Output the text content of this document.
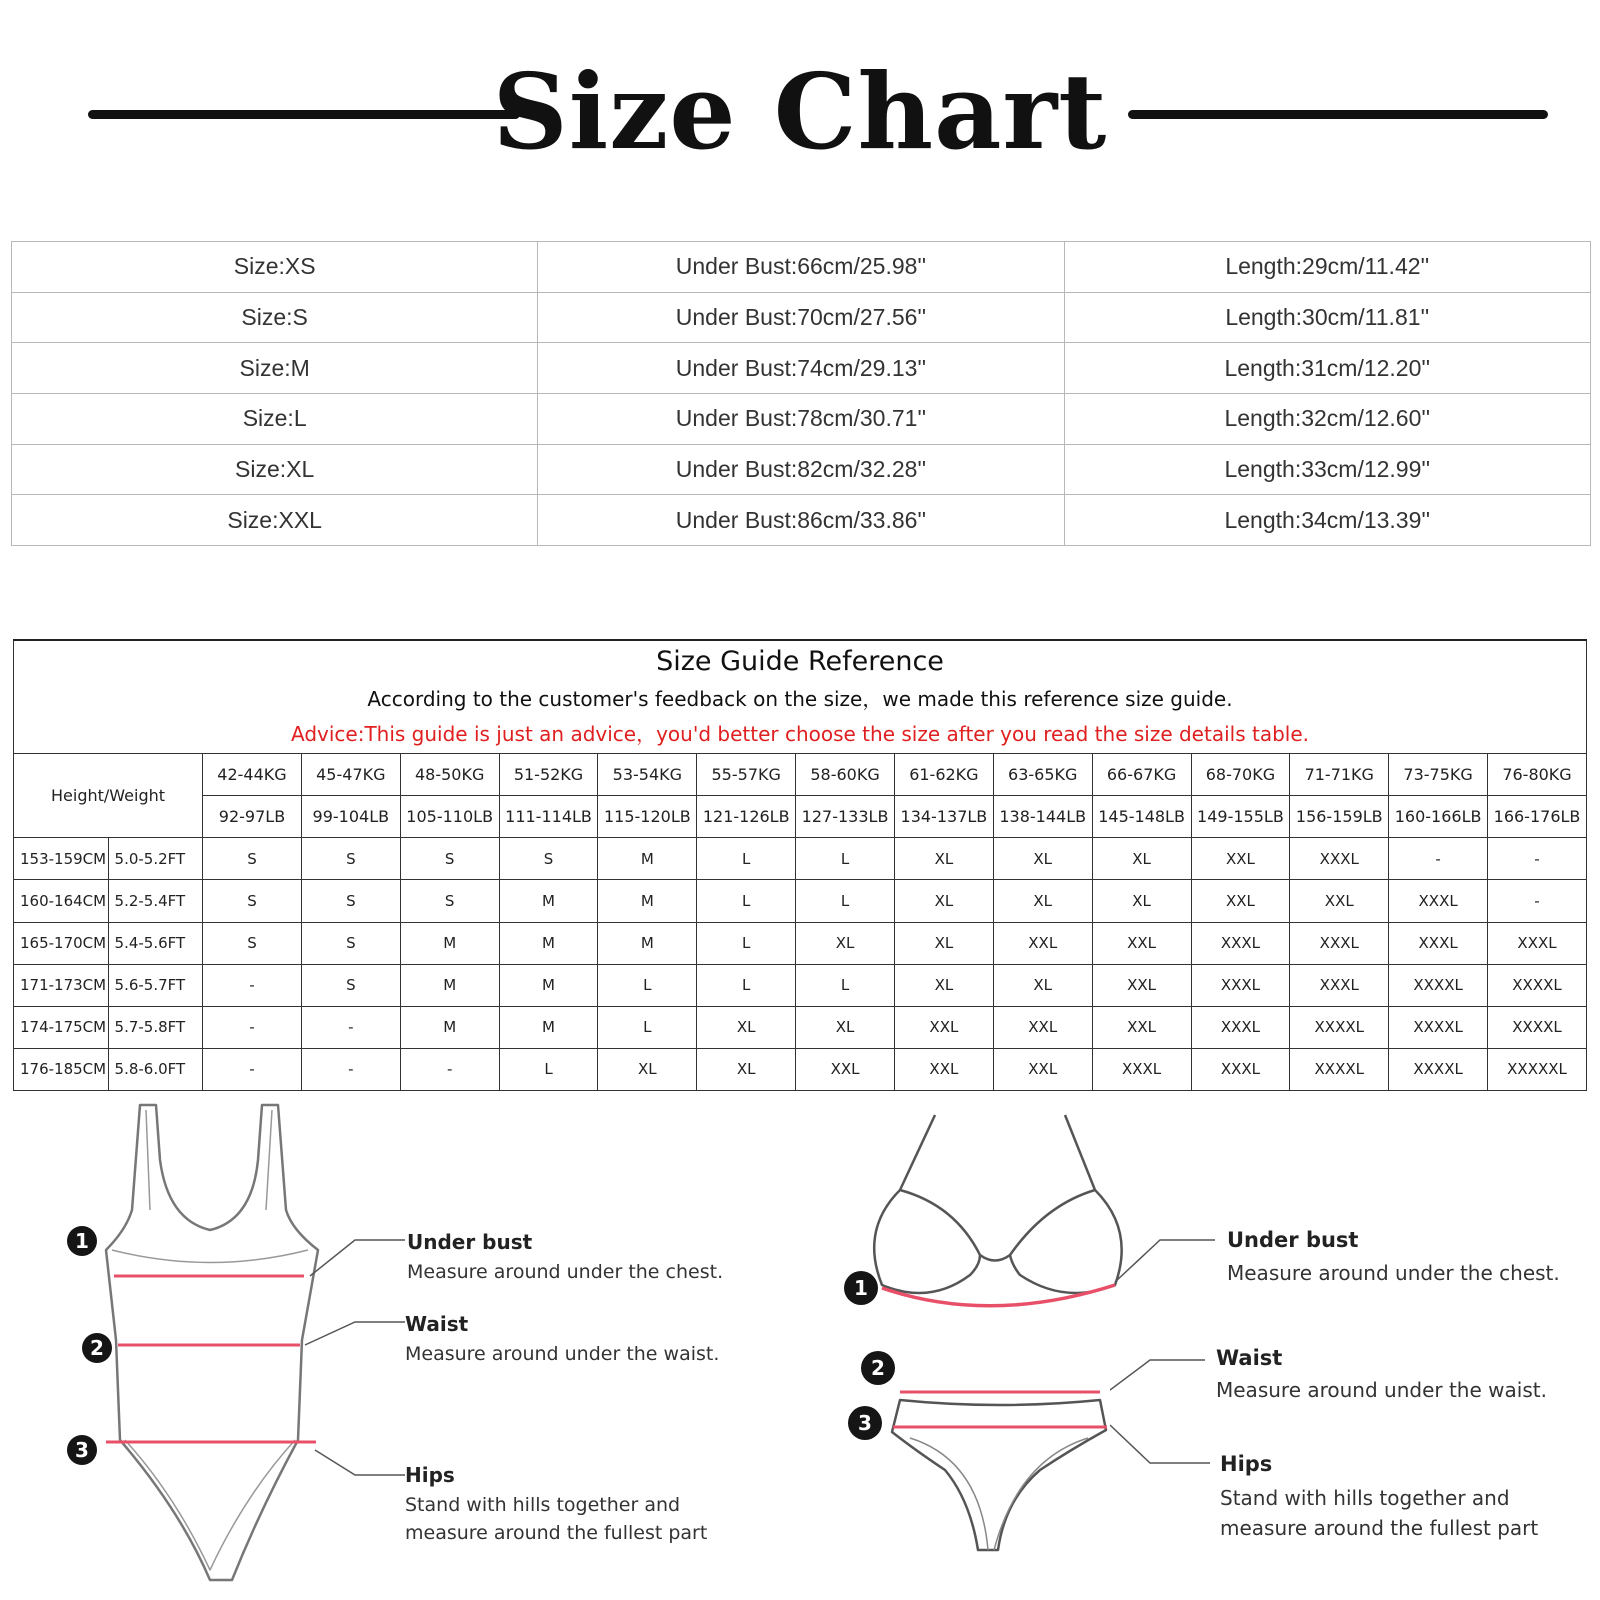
Size Chart
Size:XS	Under Bust:66cm/25.98''	Length:29cm/11.42''
Size:S	Under Bust:70cm/27.56''	Length:30cm/11.81''
Size:M	Under Bust:74cm/29.13''	Length:31cm/12.20''
Size:L	Under Bust:78cm/30.71''	Length:32cm/12.60''
Size:XL	Under Bust:82cm/32.28''	Length:33cm/12.99''
Size:XXL	Under Bust:86cm/33.86''	Length:34cm/13.39''
Size Guide Reference
According to the customer's feedback on the size，we made this reference size guide.
Advice:This guide is just an advice，you'd better choose the size after you read the size details table.															

Height/Weight		42-44KG	45-47KG	48-50KG	51-52KG	53-54KG	55-57KG	58-60KG	61-62KG	63-65KG	66-67KG	68-70KG	71-71KG	73-75KG	76-80KG
		92-97LB	99-104LB	105-110LB	111-114LB	115-120LB	121-126LB	127-133LB	134-137LB	138-144LB	145-148LB	149-155LB	156-159LB	160-166LB	166-176LB
153-159CM	5.0-5.2FT	S	S	S	S	M	L	L	XL	XL	XL	XXL	XXXL	-	-
160-164CM	5.2-5.4FT	S	S	S	M	M	L	L	XL	XL	XL	XXL	XXL	XXXL	-
165-170CM	5.4-5.6FT	S	S	M	M	M	L	XL	XL	XXL	XXL	XXXL	XXXL	XXXL	XXXL
171-173CM	5.6-5.7FT	-	S	M	M	L	L	L	XL	XL	XXL	XXXL	XXXL	XXXXL	XXXXL
174-175CM	5.7-5.8FT	-	-	M	M	L	XL	XL	XXL	XXL	XXL	XXXL	XXXXL	XXXXL	XXXXL
176-185CM	5.8-6.0FT	-	-	-	L	XL	XL	XXL	XXL	XXL	XXXL	XXXL	XXXXL	XXXXL	XXXXXL
1
2
3
Under bust
Measure around under the chest.
Waist
Measure around under the waist.
Hips
Stand with hills together and measure around the fullest part
1
2
3
Under bust
Measure around under the chest.
Waist
Measure around under the waist.
Hips
Stand with hills together and measure around the fullest part
